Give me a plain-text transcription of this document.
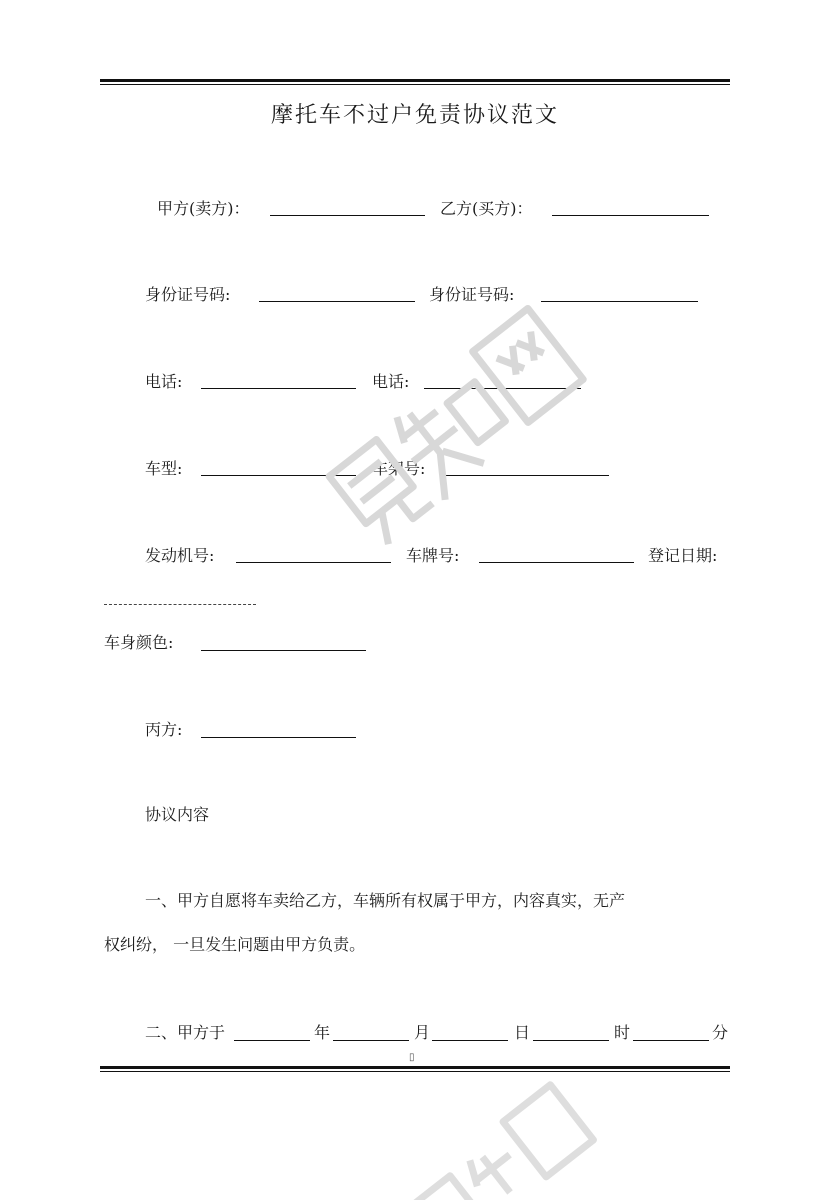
摩托车不过户免责协议范文
甲方(卖方)：	乙方(买方)：
身份证号码:	身份证号码:
电话:	电话:
车型:	车架号:
发动机号:	车牌号:	登记日期:
车身颜色:
丙方:
协议内容
一、甲方自愿将车卖给乙方，车辆所有权属于甲方，内容真实，无产
权纠纷， 一旦发生问题由甲方负责。
二、甲方于	年	月	日	时	分
▯
